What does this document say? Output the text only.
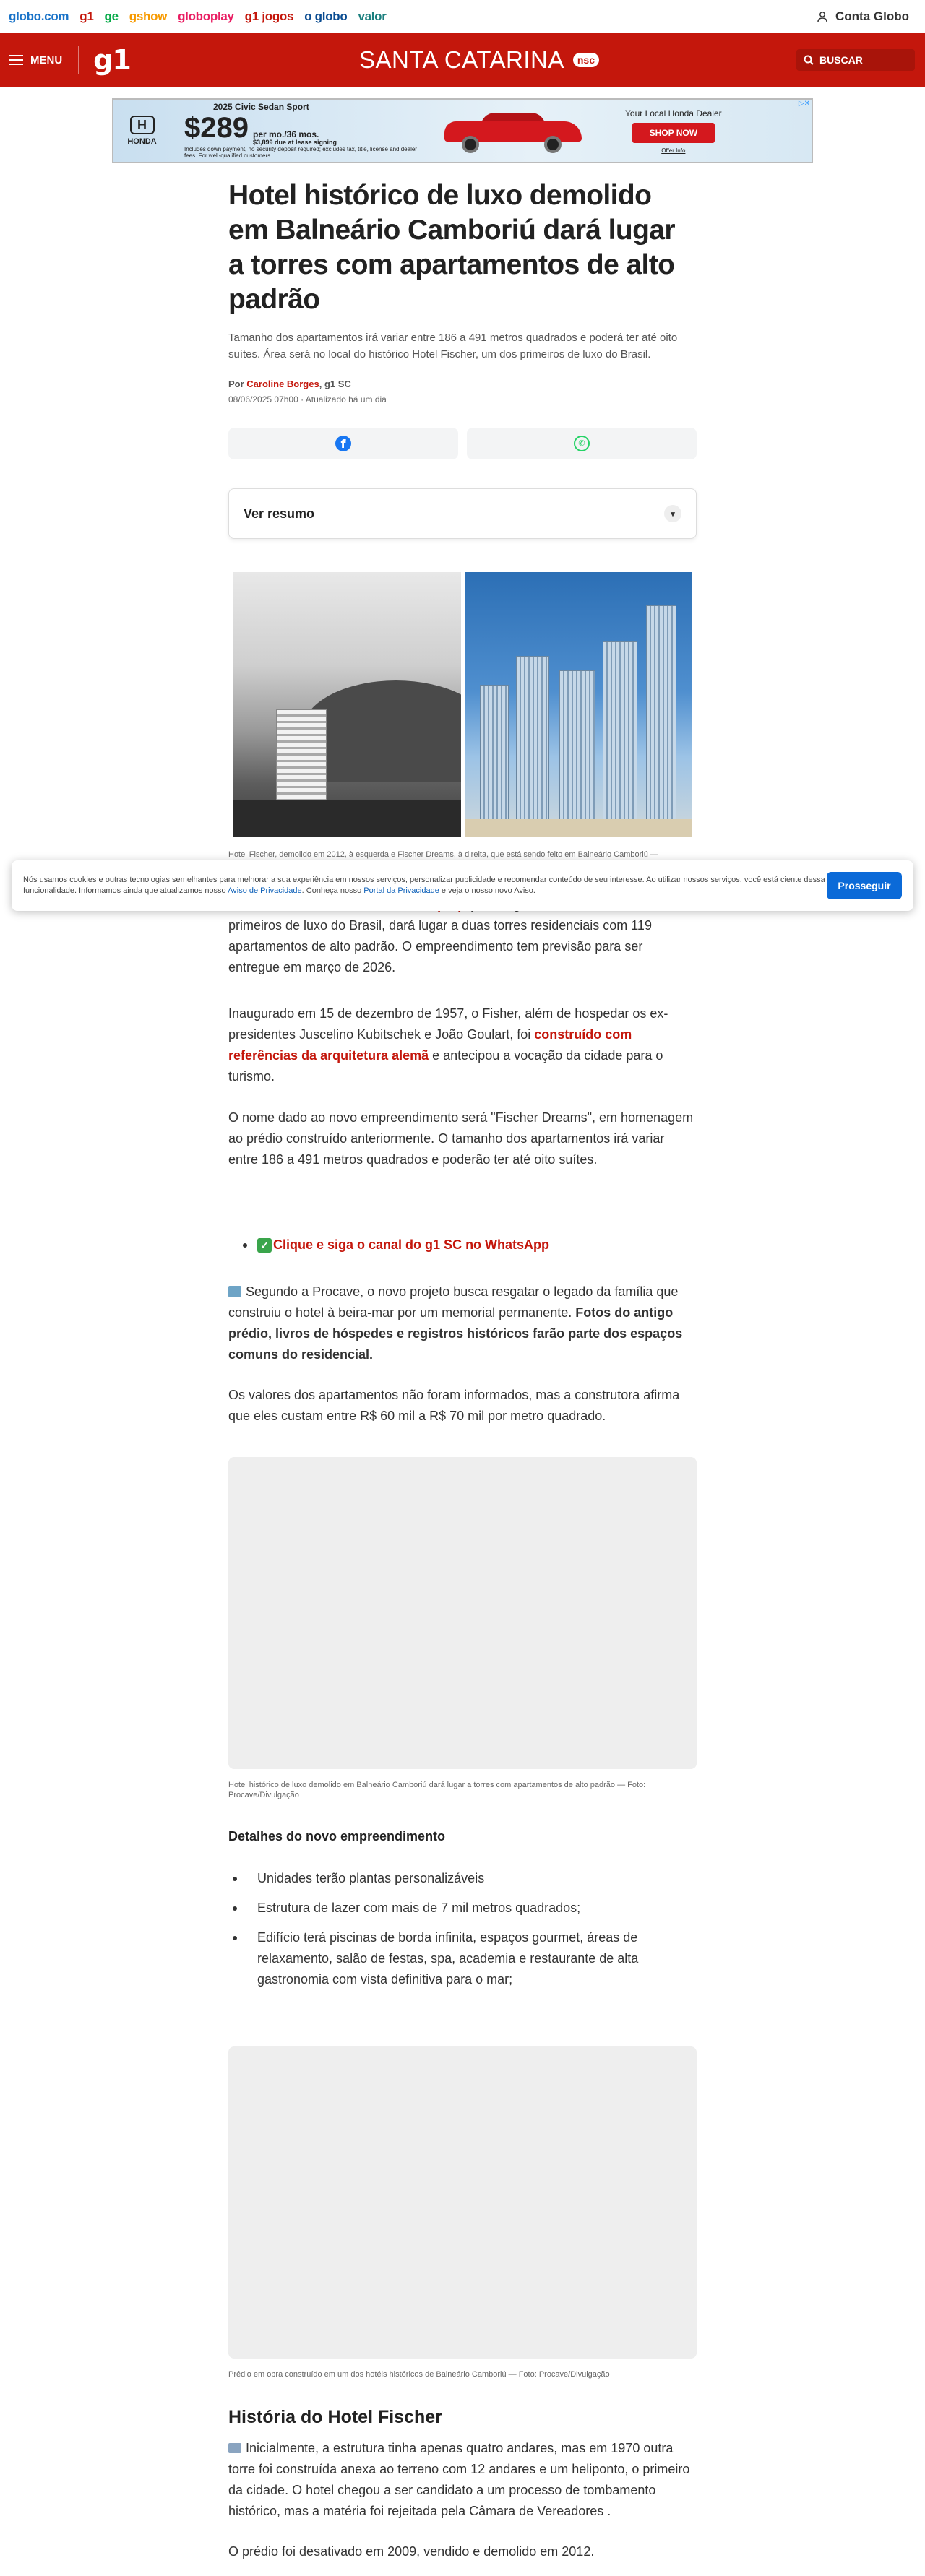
globo.com g1 ge gshow globoplay g1 jogos o globo valor	Conta Globo
MENU g1	SANTA CATARINA	nsc	BUSCAR
H
HONDA
2025 Civic Sedan Sport
$289 per mo./36 mos.
$3,899 due at lease signing
Includes down payment, no security deposit required; excludes tax, title, license and dealer fees. For well-qualified customers.
Your Local Honda Dealer
SHOP NOW
Offer Info
▷✕
Hotel histórico de luxo demolido em Balneário Camboriú dará lugar a torres com apartamentos de alto padrão

Tamanho dos apartamentos irá variar entre 186 a 491 metros quadrados e poderá ter até oito suítes. Área será no local do histórico Hotel Fischer, um dos primeiros de luxo do Brasil.

Por Caroline Borges, g1 SC
08/06/2025 07h00 · Atualizado há um dia
f	✆
Ver resumo	▾
Hotel Fischer, demolido em 2012, à esquerda e Fischer Dreams, à direita, que está sendo feito em Balneário Camboriú —

primeiros de luxo do Brasil, dará lugar a duas torres residenciais com 119 apartamentos de alto padrão. O empreendimento tem previsão para ser entregue em março de 2026.

Inaugurado em 15 de dezembro de 1957, o Fisher, além de hospedar os ex-presidentes Juscelino Kubitschek e João Goulart, foi construído com referências da arquitetura alemã e antecipou a vocação da cidade para o turismo.

O nome dado ao novo empreendimento será "Fischer Dreams", em homenagem ao prédio construído anteriormente. O tamanho dos apartamentos irá variar entre 186 a 491 metros quadrados e poderão ter até oito suítes.

✓ Clique e siga o canal do g1 SC no WhatsApp

Segundo a Procave, o novo projeto busca resgatar o legado da família que construiu o hotel à beira-mar por um memorial permanente. Fotos do antigo prédio, livros de hóspedes e registros históricos farão parte dos espaços comuns do residencial.

Os valores dos apartamentos não foram informados, mas a construtora afirma que eles custam entre R$ 60 mil a R$ 70 mil por metro quadrado.

Hotel histórico de luxo demolido em Balneário Camboriú dará lugar a torres com apartamentos de alto padrão — Foto: Procave/Divulgação
Detalhes do novo empreendimento
Unidades terão plantas personalizáveis
Estrutura de lazer com mais de 7 mil metros quadrados;
Edifício terá piscinas de borda infinita, espaços gourmet, áreas de relaxamento, salão de festas, spa, academia e restaurante de alta gastronomia com vista definitiva para o mar;
Prédio em obra construído em um dos hotéis históricos de Balneário Camboriú — Foto: Procave/Divulgação
História do Hotel Fischer

Inicialmente, a estrutura tinha apenas quatro andares, mas em 1970 outra torre foi construída anexa ao terreno com 12 andares e um heliponto, o primeiro da cidade. O hotel chegou a ser candidato a um processo de tombamento histórico, mas a matéria foi rejeitada pela Câmara de Vereadores .

O prédio foi desativado em 2009, vendido e demolido em 2012.

Nós usamos cookies e outras tecnologias semelhantes para melhorar a sua experiência em nossos serviços, personalizar publicidade e recomendar conteúdo de seu interesse. Ao utilizar nossos serviços, você está ciente dessa funcionalidade. Informamos ainda que atualizamos nosso Aviso de Privacidade. Conheça nosso Portal da Privacidade e veja o nosso novo Aviso.	Prosseguir
